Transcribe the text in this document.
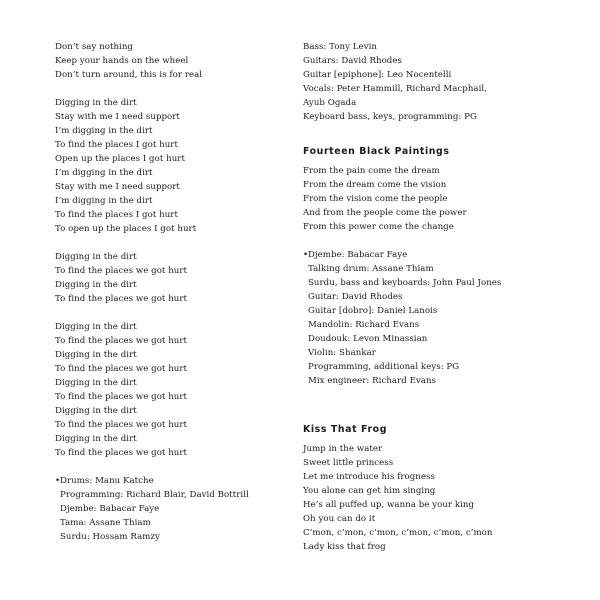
Don’t say nothing
Keep your hands on the wheel
Don’t turn around, this is for real
Digging in the dirt
Stay with me I need support
I’m digging in the dirt
To find the places I got hurt
Open up the places I got hurt
I’m digging in the dirt
Stay with me I need support
I’m digging in the dirt
To find the places I got hurt
To open up the places I got hurt
Digging in the dirt
To find the places we got hurt
Digging in the dirt
To find the places we got hurt
Digging in the dirt
To find the places we got hurt
Digging in the dirt
To find the places we got hurt
Digging in the dirt
To find the places we got hurt
Digging in the dirt
To find the places we got hurt
Digging in the dirt
To find the places we got hurt
•Drums: Manu Katche
Programming: Richard Blair, David Bottrill
Djembe: Babacar Faye
Tama: Assane Thiam
Surdu: Hossam Ramzy
Bass: Tony Levin
Guitars: David Rhodes
Guitar [epiphone]: Leo Nocentelli
Vocals: Peter Hammill, Richard Macphail,
Ayub Ogada
Keyboard bass, keys, programming: PG
Fourteen Black Paintings
From the pain come the dream
From the dream come the vision
From the vision come the people
And from the people come the power
From this power come the change
•Djembe: Babacar Faye
Talking drum: Assane Thiam
Surdu, bass and keyboards: John Paul Jones
Guitar: David Rhodes
Guitar [dobro]: Daniel Lanois
Mandolin: Richard Evans
Doudouk: Levon Minassian
Violin: Shankar
Programming, additional keys: PG
Mix engineer: Richard Evans
Kiss That Frog
Jump in the water
Sweet little princess
Let me introduce his frogness
You alone can get him singing
He’s all puffed up, wanna be your king
Oh you can do it
C’mon, c’mon, c’mon, c’mon, c’mon, c’mon
Lady kiss that frog
